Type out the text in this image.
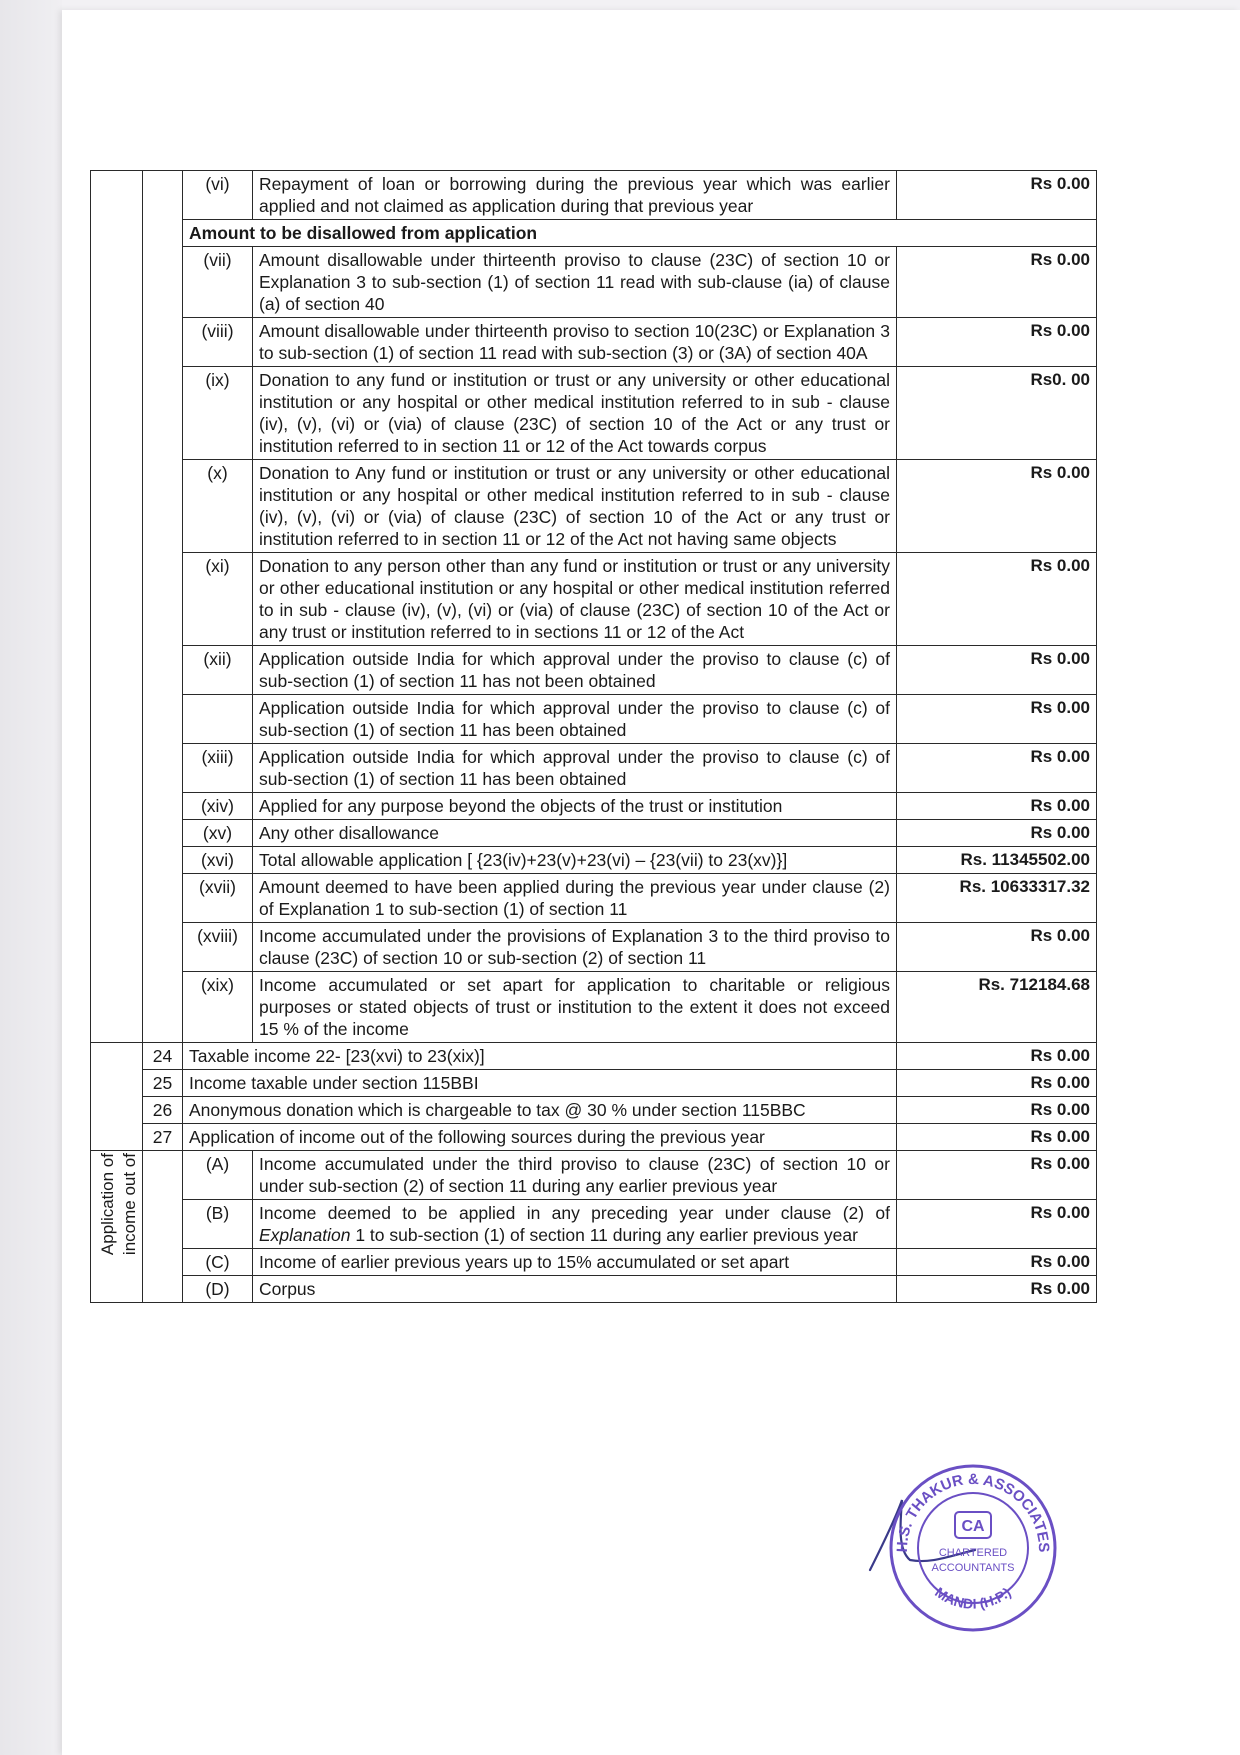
		(vi)	Repayment of loan or borrowing during the previous year which was earlier applied and not claimed as application during that previous year	Rs 0.00
		Amount to be disallowed from application		
		(vii)	Amount disallowable under thirteenth proviso to clause (23C) of section 10 or Explanation 3 to sub-section (1) of section 11 read with sub-clause (ia) of clause (a) of section 40	Rs 0.00
		(viii)	Amount disallowable under thirteenth proviso to section 10(23C) or Explanation 3 to sub-section (1) of section 11 read with sub-section (3) or (3A) of section 40A	Rs 0.00
		(ix)	Donation to any fund or institution or trust or any university or other educational institution or any hospital or other medical institution referred to in sub - clause (iv), (v), (vi) or (via) of clause (23C) of section 10 of the Act or any trust or institution referred to in section 11 or 12 of the Act towards corpus	Rs0. 00
		(x)	Donation to Any fund or institution or trust or any university or other educational institution or any hospital or other medical institution referred to in sub - clause (iv), (v), (vi) or (via) of clause (23C) of section 10 of the Act or any trust or institution referred to in section 11 or 12 of the Act not having same objects	Rs 0.00
		(xi)	Donation to any person other than any fund or institution or trust or any university or other educational institution or any hospital or other medical institution referred to in sub - clause (iv), (v), (vi) or (via) of clause (23C) of section 10 of the Act or any trust or institution referred to in sections 11 or 12 of the Act	Rs 0.00
		(xii)	Application outside India for which approval under the proviso to clause (c) of sub-section (1) of section 11 has not been obtained	Rs 0.00
			Application outside India for which approval under the proviso to clause (c) of sub-section (1) of section 11 has been obtained	Rs 0.00
		(xiii)	Application outside India for which approval under the proviso to clause (c) of sub-section (1) of section 11 has been obtained	Rs 0.00
		(xiv)	Applied for any purpose beyond the objects of the trust or institution	Rs 0.00
		(xv)	Any other disallowance	Rs 0.00
		(xvi)	Total allowable application [ {23(iv)+23(v)+23(vi) – {23(vii) to 23(xv)}]	Rs. 11345502.00
		(xvii)	Amount deemed to have been applied during the previous year under clause (2) of Explanation 1 to sub-section (1) of section 11	Rs. 10633317.32
		(xviii)	Income accumulated under the provisions of Explanation 3 to the third proviso to clause (23C) of section 10 or sub-section (2) of section 11	Rs 0.00
		(xix)	Income accumulated or set apart for application to charitable or religious purposes or stated objects of trust or institution to the extent it does not exceed 15 % of the income	Rs. 712184.68
	24	Taxable income 22- [23(xvi) to 23(xix)]		Rs 0.00
	25	Income taxable under section 115BBI		Rs 0.00
	26	Anonymous donation which is chargeable to tax @ 30 % under section 115BBC		Rs 0.00
	27	Application of income out of the following sources during the previous year		Rs 0.00

Application of income out of		(A)	Income accumulated under the third proviso to clause (23C) of section 10 or under sub-section (2) of section 11 during any earlier previous year	Rs 0.00
		(B)	Income deemed to be applied in any preceding year under clause (2) of Explanation 1 to sub-section (1) of section 11 during any earlier previous year	Rs 0.00
		(C)	Income of earlier previous years up to 15% accumulated or set apart	Rs 0.00
		(D)	Corpus	Rs 0.00
H.S. THAKUR & ASSOCIATES
MANDI (H.P.)
CA
CHARTERED
ACCOUNTANTS
